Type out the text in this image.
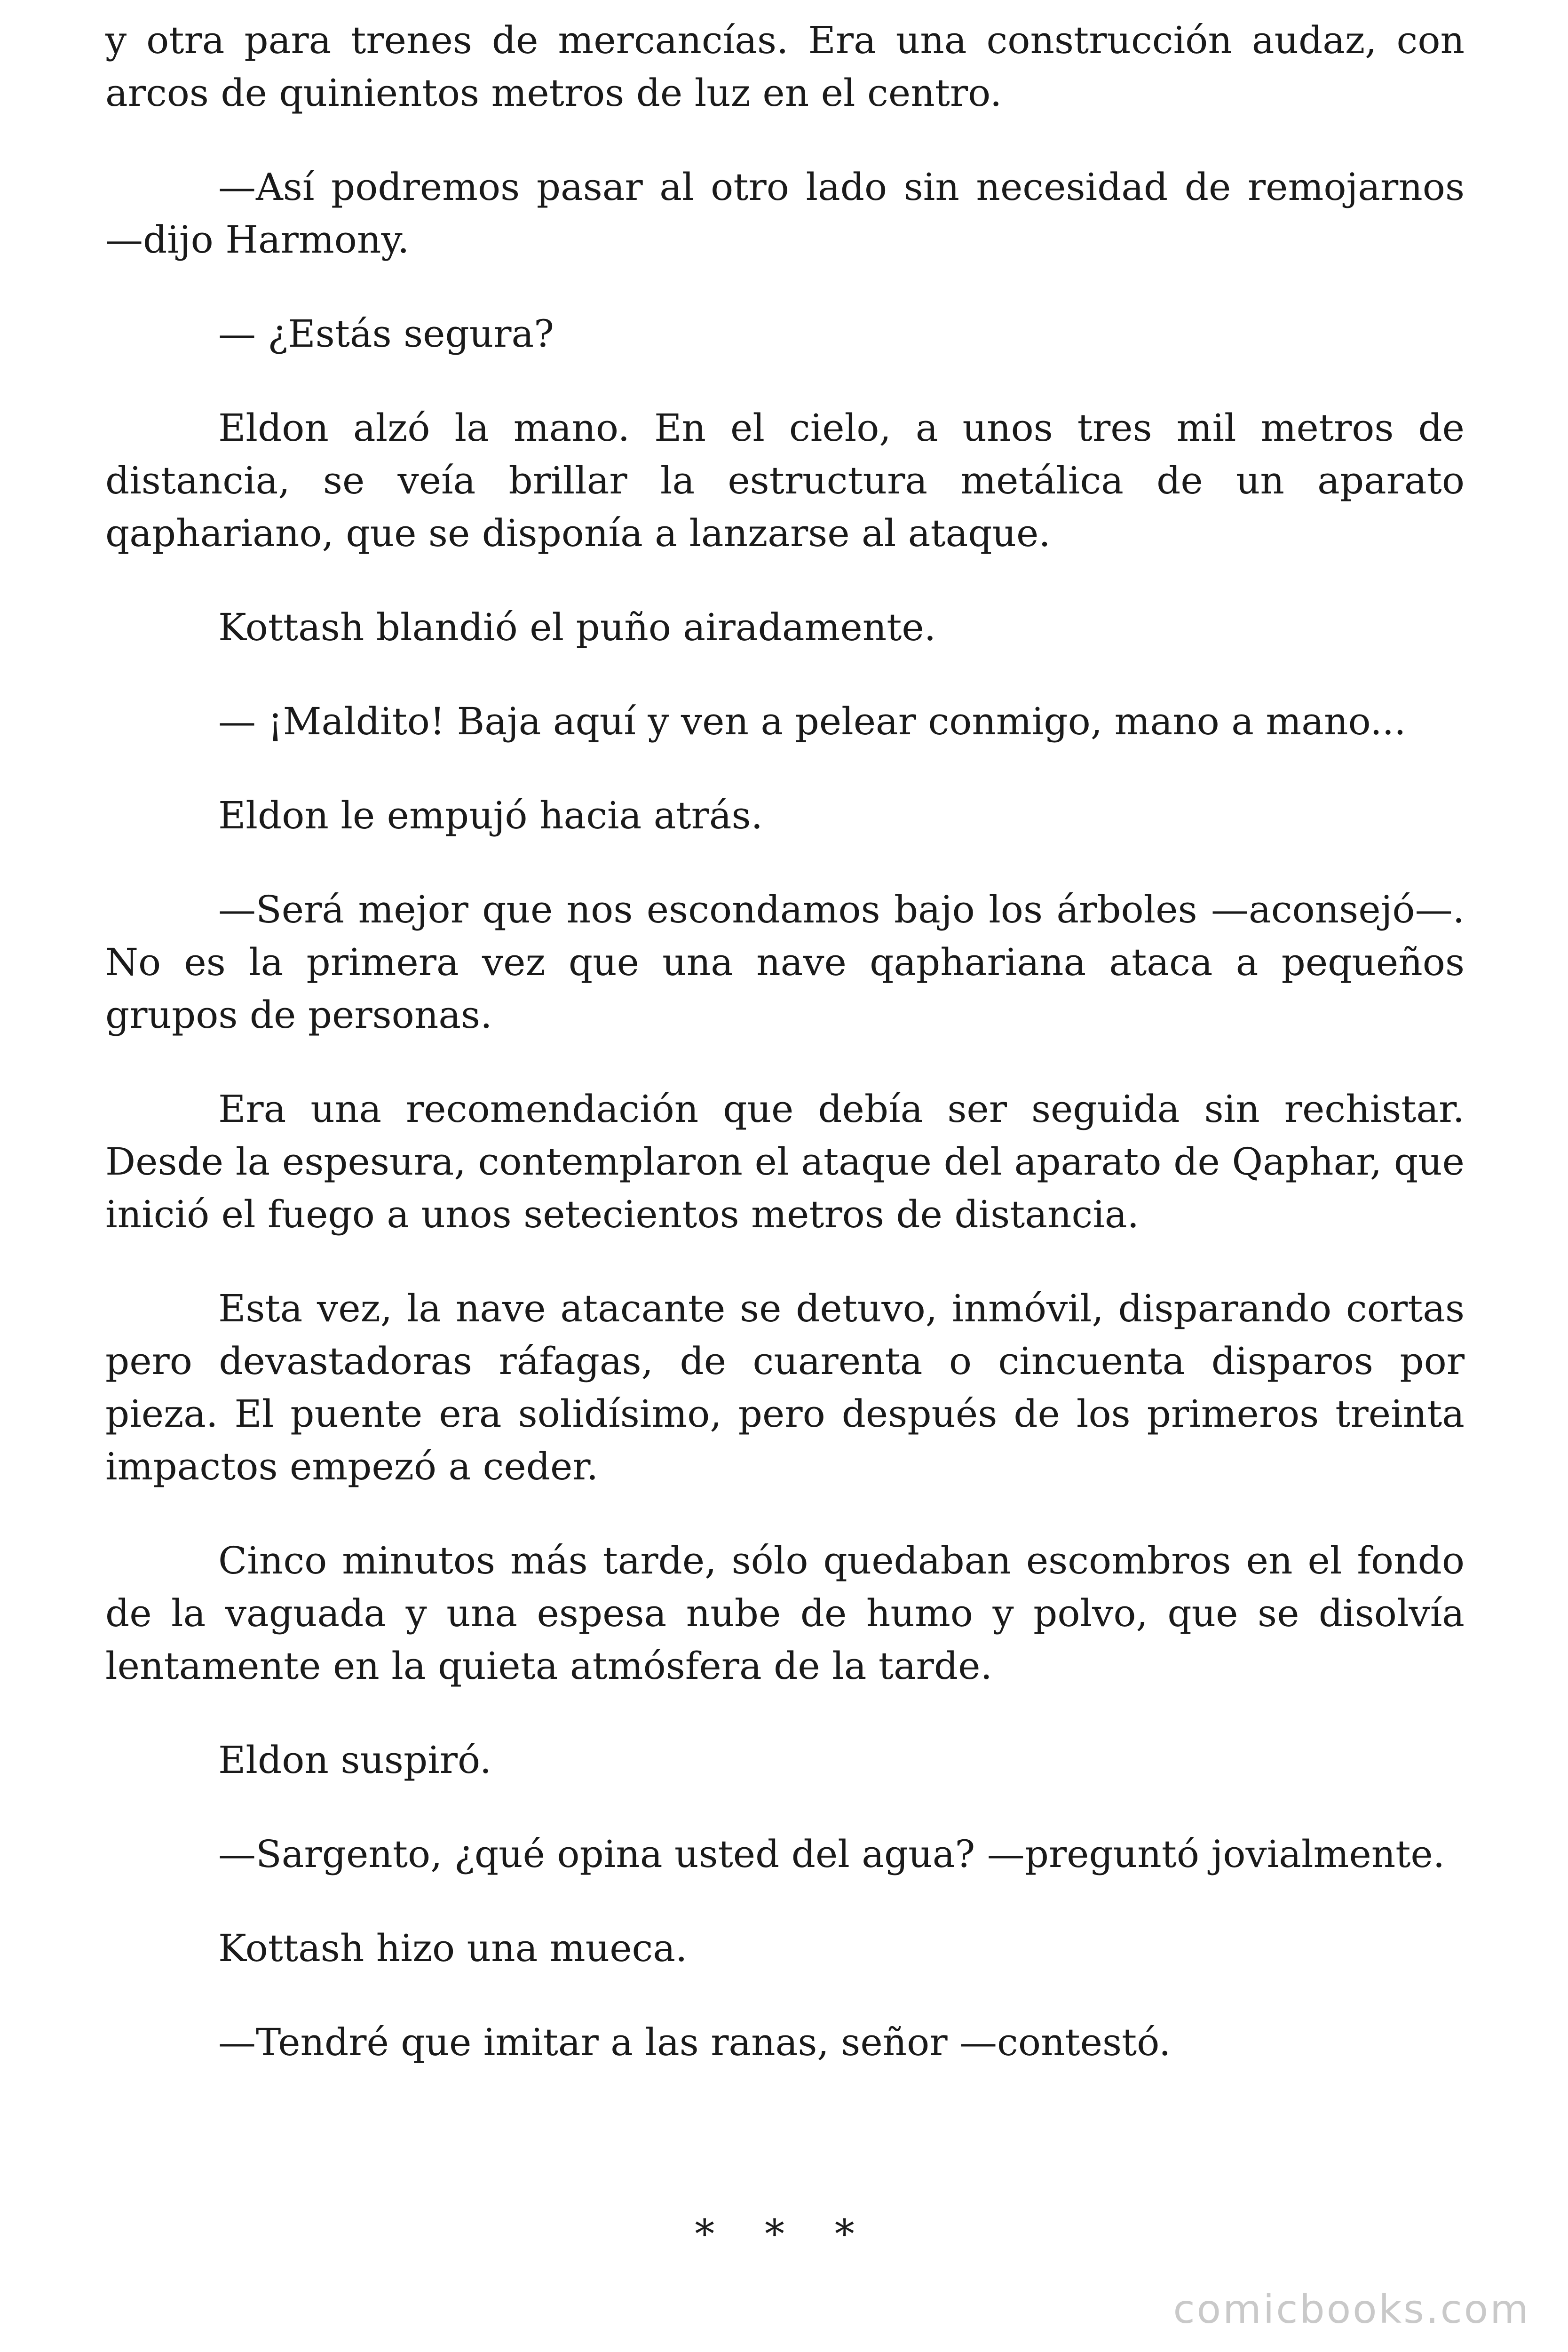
y otra para trenes de mercancías. Era una construcción audaz, con arcos de quinientos metros de luz en el centro.

—Así podremos pasar al otro lado sin necesidad de remojarnos —dijo Harmony.

— ¿Estás segura?

Eldon alzó la mano. En el cielo, a unos tres mil metros de distancia, se veía brillar la estructura metálica de un aparato qaphariano, que se disponía a lanzarse al ataque.

Kottash blandió el puño airadamente.

— ¡Maldito! Baja aquí y ven a pelear conmigo, mano a mano...

Eldon le empujó hacia atrás.

—Será mejor que nos escondamos bajo los árboles —aconsejó—. No es la primera vez que una nave qaphariana ataca a pequeños grupos de personas.

Era una recomendación que debía ser seguida sin rechistar. Desde la espesura, contemplaron el ataque del aparato de Qaphar, que inició el fuego a unos setecientos metros de distancia.

Esta vez, la nave atacante se detuvo, inmóvil, disparando cortas pero devastadoras ráfagas, de cuarenta o cincuenta disparos por pieza. El puente era solidísimo, pero después de los primeros treinta impactos empezó a ceder.

Cinco minutos más tarde, sólo quedaban escombros en el fondo de la vaguada y una espesa nube de humo y polvo, que se disolvía lentamente en la quieta atmósfera de la tarde.

Eldon suspiró.

—Sargento, ¿qué opina usted del agua? —preguntó jovialmente.

Kottash hizo una mueca.

—Tendré que imitar a las ranas, señor —contestó.

* * *
comicbooks.com
